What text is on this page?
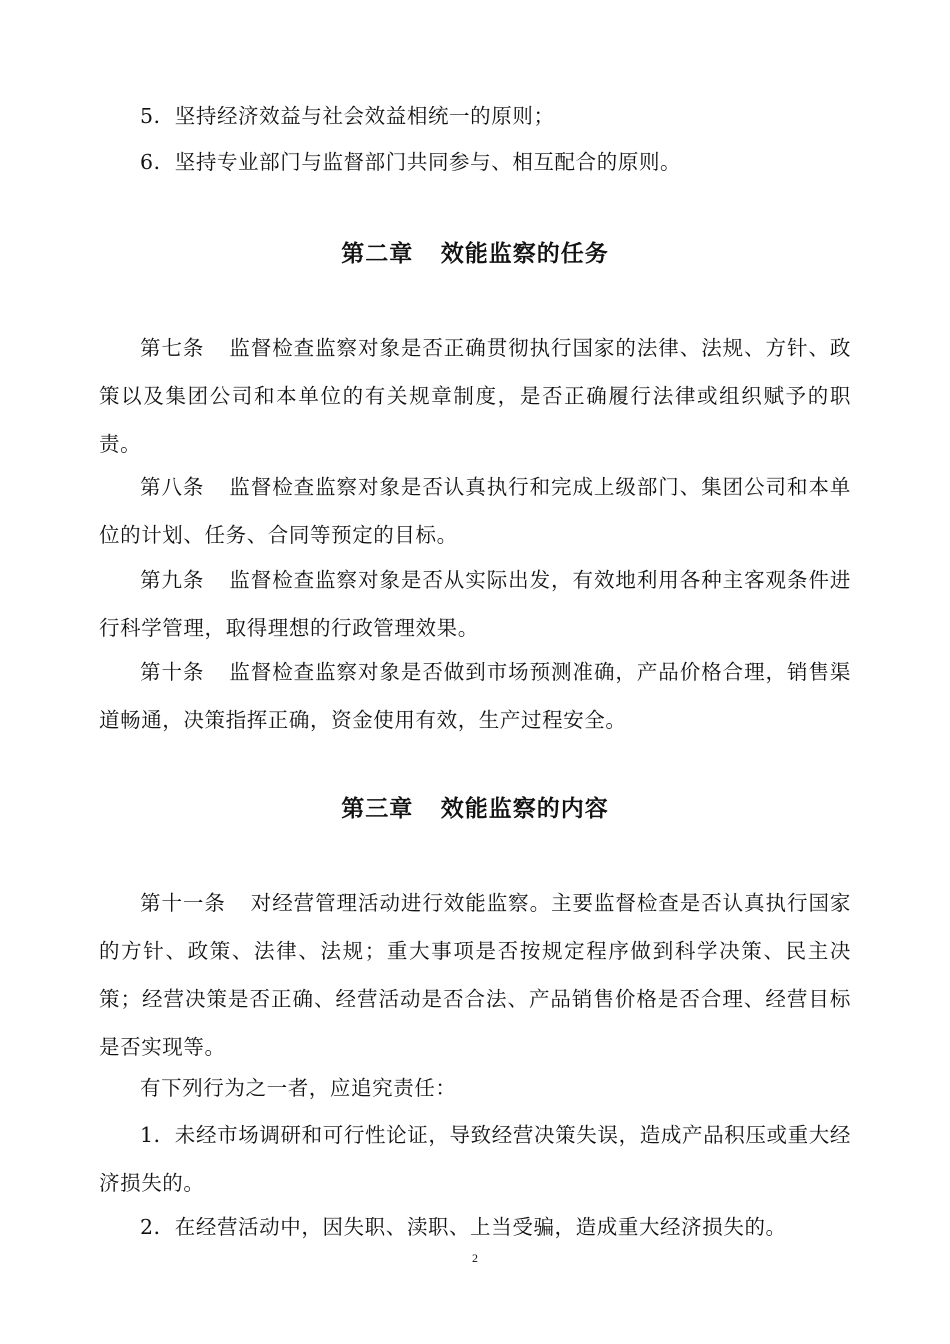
5．坚持经济效益与社会效益相统一的原则；

6．坚持专业部门与监督部门共同参与、相互配合的原则。

第二章 效能监察的任务

第七条 监督检查监察对象是否正确贯彻执行国家的法律、法规、方针、政策以及集团公司和本单位的有关规章制度，是否正确履行法律或组织赋予的职责。

第八条 监督检查监察对象是否认真执行和完成上级部门、集团公司和本单位的计划、任务、合同等预定的目标。

第九条 监督检查监察对象是否从实际出发，有效地利用各种主客观条件进行科学管理，取得理想的行政管理效果。

第十条 监督检查监察对象是否做到市场预测准确，产品价格合理，销售渠道畅通，决策指挥正确，资金使用有效，生产过程安全。

第三章 效能监察的内容

第十一条 对经营管理活动进行效能监察。主要监督检查是否认真执行国家的方针、政策、法律、法规；重大事项是否按规定程序做到科学决策、民主决策；经营决策是否正确、经营活动是否合法、产品销售价格是否合理、经营目标是否实现等。

有下列行为之一者，应追究责任：

1．未经市场调研和可行性论证，导致经营决策失误，造成产品积压或重大经济损失的。

2．在经营活动中，因失职、渎职、上当受骗，造成重大经济损失的。

2
